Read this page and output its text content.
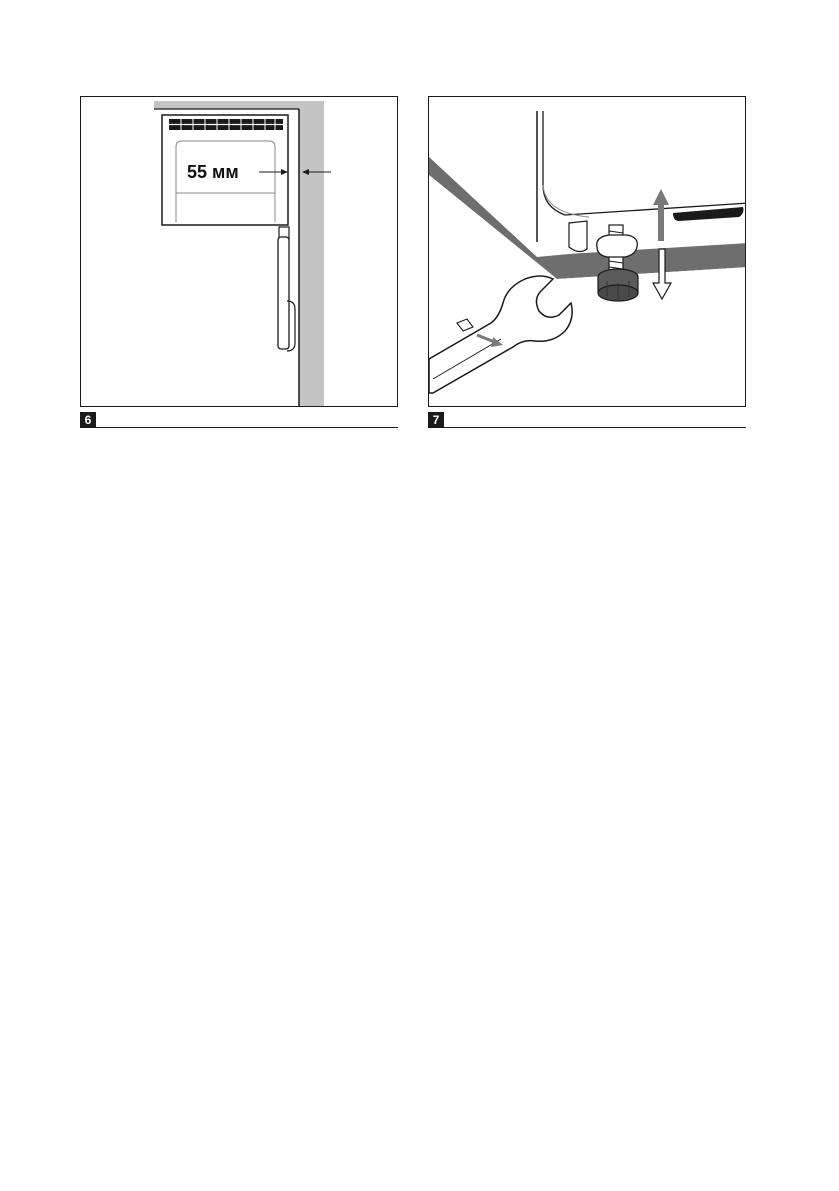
55 мм
6	7
